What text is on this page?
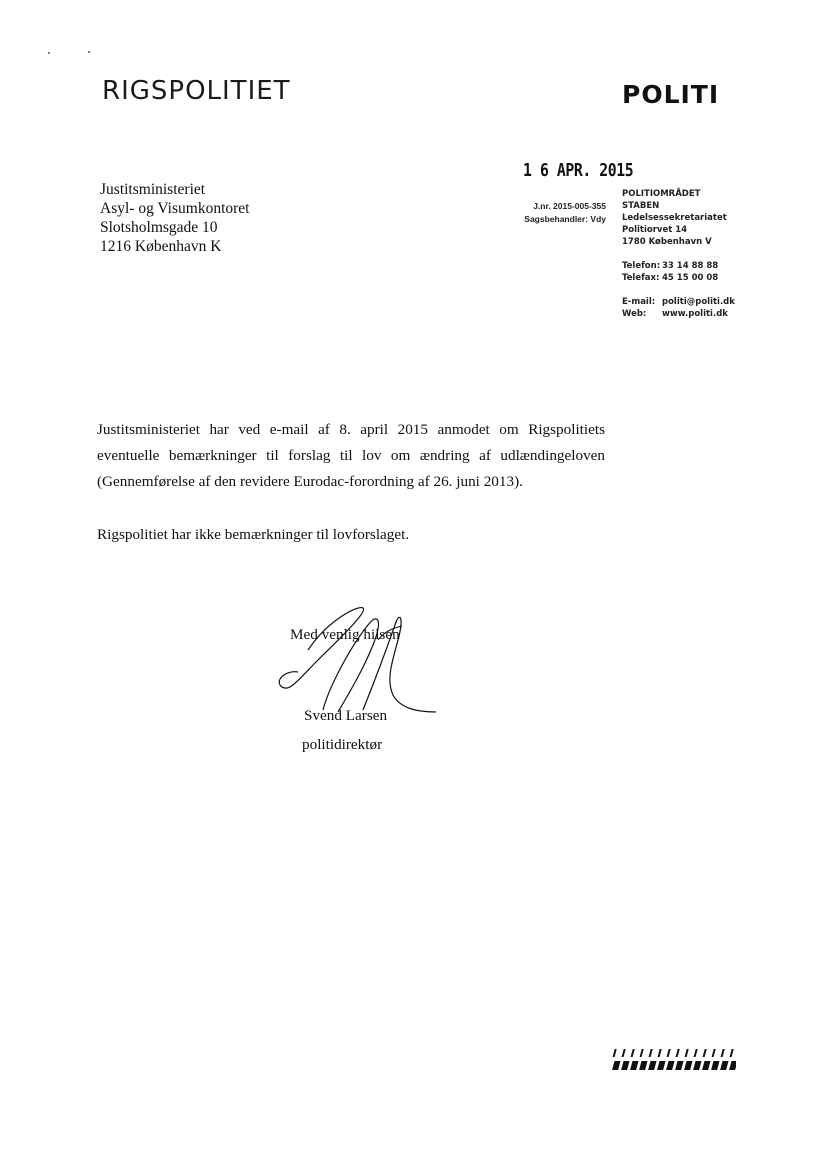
RIGSPOLITIET	POLITI
Justitsministeriet
Asyl- og Visumkontoret
Slotsholmsgade 10
1216 København K
1 6 APR. 2015
J.nr. 2015-005-355
Sagsbehandler: Vdy
POLITIOMRÅDET
STABEN
Ledelsessekretariatet
Politiorvet 14
1780 København V
Telefon: 33 14 88 88
Telefax: 45 15 00 08
E-mail: politi@politi.dk
Web: www.politi.dk
Justitsministeriet har ved e-mail af 8. april 2015 anmodet om Rigspolitiets eventuelle bemærkninger til forslag til lov om ændring af udlændingeloven (Gennemførelse af den revidere Eurodac-forordning af 26. juni 2013).
Rigspolitiet har ikke bemærkninger til lovforslaget.
Med venlig hilsen
Svend Larsen
politidirektør
